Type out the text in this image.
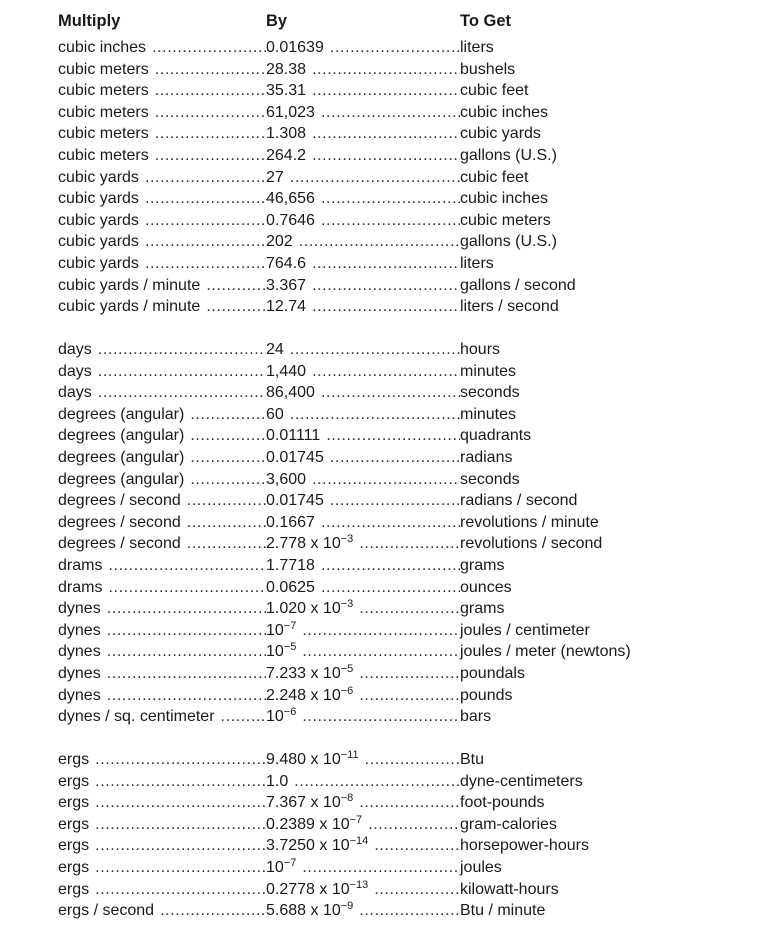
Multiply	By	To Get
cubic inches .....	0.01639 .....	liters
cubic meters .....	28.38 .....	bushels
cubic meters .....	35.31 .....	cubic feet
cubic meters .....	61,023 .....	cubic inches
cubic meters .....	1.308 .....	cubic yards
cubic meters .....	264.2 .....	gallons (U.S.)
cubic yards .....	27 .....	cubic feet
cubic yards .....	46,656 .....	cubic inches
cubic yards .....	0.7646 .....	cubic meters
cubic yards .....	202 .....	gallons (U.S.)
cubic yards .....	764.6 .....	liters
cubic yards / minute .....	3.367 .....	gallons / second
cubic yards / minute .....	12.74 .....	liters / second
days .....	24 .....	hours
days .....	1,440 .....	minutes
days .....	86,400 .....	seconds
degrees (angular) .....	60 .....	minutes
degrees (angular) .....	0.01111 .....	quadrants
degrees (angular) .....	0.01745 .....	radians
degrees (angular) .....	3,600 .....	seconds
degrees / second .....	0.01745 .....	radians / second
degrees / second .....	0.1667 .....	revolutions / minute
degrees / second .....	2.778 x $10^{-3}$ .....	revolutions / second
drams .....	1.7718 .....	grams
drams .....	0.0625 .....	ounces
dynes .....	1.020 x $10^{-3}$ .....	grams
dynes .....	$10^{-7}$ .....	joules / centimeter
dynes .....	$10^{-5}$ .....	joules / meter (newtons)
dynes .....	7.233 x $10^{-5}$ .....	poundals
dynes .....	2.248 x $10^{-6}$ .....	pounds
dynes / sq. centimeter .....	$10^{-6}$ .....	bars
ergs .....	9.480 x $10^{-11}$ .....	Btu
ergs .....	1.0 .....	dyne-centimeters
ergs .....	7.367 x $10^{-8}$ .....	foot-pounds
ergs .....	0.2389 x $10^{-7}$ .....	gram-calories
ergs .....	3.7250 x $10^{-14}$ .....	horsepower-hours
ergs .....	$10^{-7}$ .....	joules
ergs .....	0.2778 x $10^{-13}$ .....	kilowatt-hours
ergs / second .....	5.688 x $10^{-9}$ .....	Btu / minute
